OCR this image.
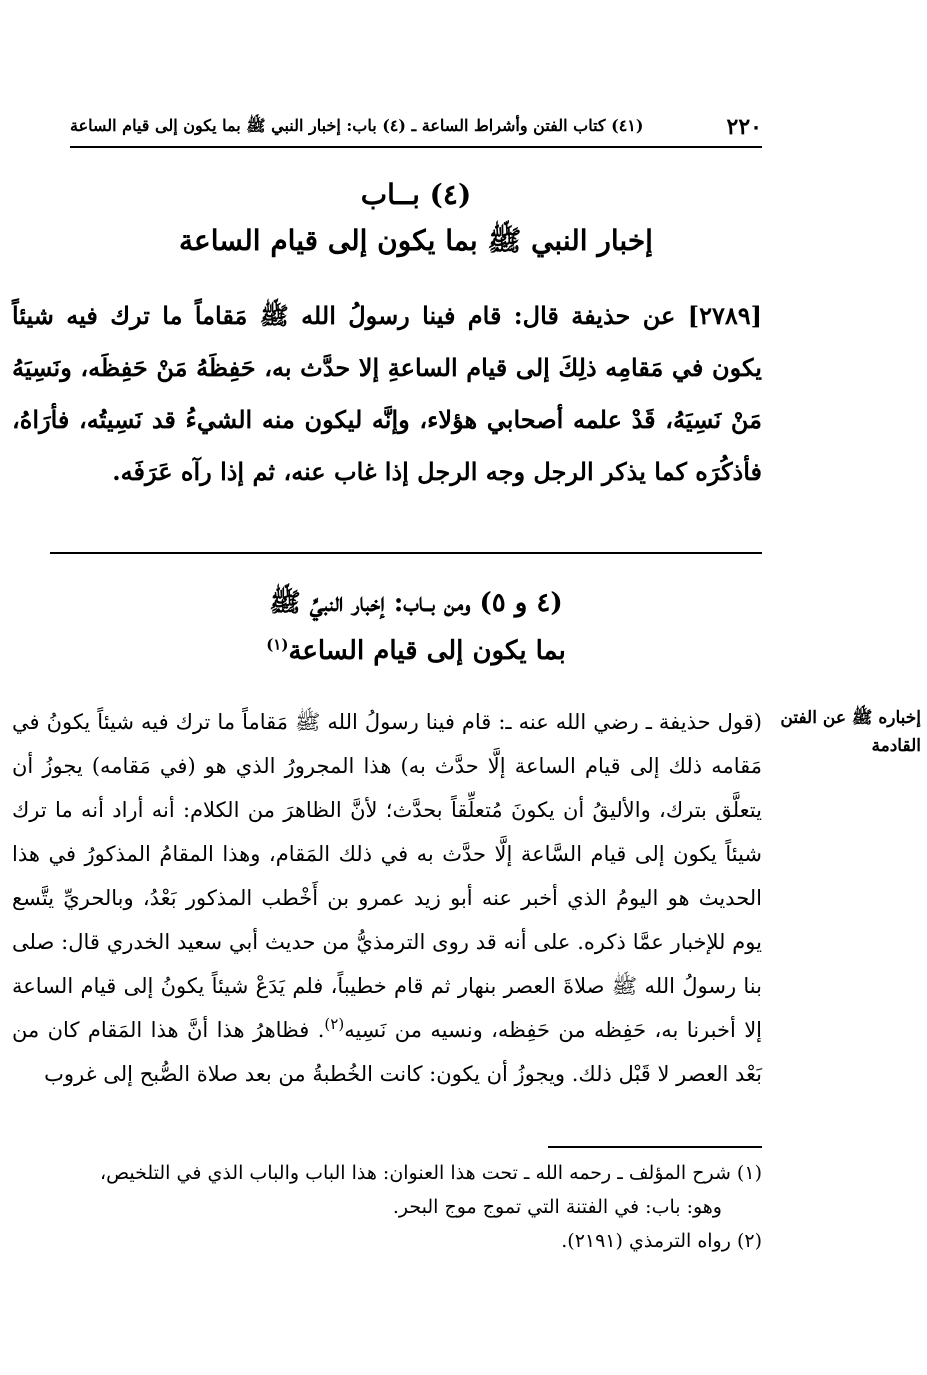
٢٢٠
(٤١) كتاب الفتن وأشراط الساعة ـ (٤) باب: إخبار النبي ﷺ بما يكون إلى قيام الساعة
(٤) بــاب
إخبار النبي ﷺ بما يكون إلى قيام الساعة
[٢٧٨٩] عن حذيفة قال: قام فينا رسولُ الله ﷺ مَقاماً ما ترك فيه شيئاً يكون في مَقامِه ذلِكَ إلى قيام الساعةِ إلا حدَّث به، حَفِظَهُ مَنْ حَفِظَه، ونَسِيَهُ مَنْ نَسِيَهُ، قَدْ علمه أصحابي هؤلاء، وإنَّه ليكون منه الشيءُ قد نَسِيتُه، فأرَاهُ، فأذكُرَه كما يذكر الرجل وجه الرجل إذا غاب عنه، ثم إذا رآه عَرَفَه.
(٤ و ٥) ومن بــاب: إخبار النبيِّ ﷺ
بما يكون إلى قيام الساعة$^{(١)}$
إخباره ﷺ عن الفتن القادمة
(قول حذيفة ـ رضي الله عنه ـ: قام فينا رسولُ الله ﷺ مَقاماً ما ترك فيه شيئاً يكونُ في مَقامه ذلك إلى قيام الساعة إلَّا حدَّث به) هذا المجرورُ الذي هو (في مَقامه) يجوزُ أن يتعلَّق بترك، والأليقُ أن يكونَ مُتعلِّقاً بحدَّث؛ لأنَّ الظاهرَ من الكلام: أنه أراد أنه ما ترك شيئاً يكون إلى قيام السَّاعة إلَّا حدَّث به في ذلك المَقام، وهذا المقامُ المذكورُ في هذا الحديث هو اليومُ الذي أخبر عنه أبو زيد عمرو بن أَخْطب المذكور بَعْدُ، وبالحريِّ يتَّسع يوم للإخبار عمَّا ذكره. على أنه قد روى الترمذيُّ من حديث أبي سعيد الخدري قال: صلى بنا رسولُ الله ﷺ صلاةَ العصر بنهار ثم قام خطيباً، فلم يَدَعْ شيئاً يكونُ إلى قيام الساعة إلا أخبرنا به، حَفِظه من حَفِظه، ونسيه من نَسِيه$^{(٢)}$. فظاهرُ هذا أنَّ هذا المَقام كان من بَعْد العصر لا قَبْل ذلك. ويجوزُ أن يكون: كانت الخُطبةُ من بعد صلاة الصُّبح إلى غروب
(١) شرح المؤلف ـ رحمه الله ـ تحت هذا العنوان: هذا الباب والباب الذي في التلخيص،
وهو: باب: في الفتنة التي تموج موج البحر.
(٢) رواه الترمذي (٢١٩١).
